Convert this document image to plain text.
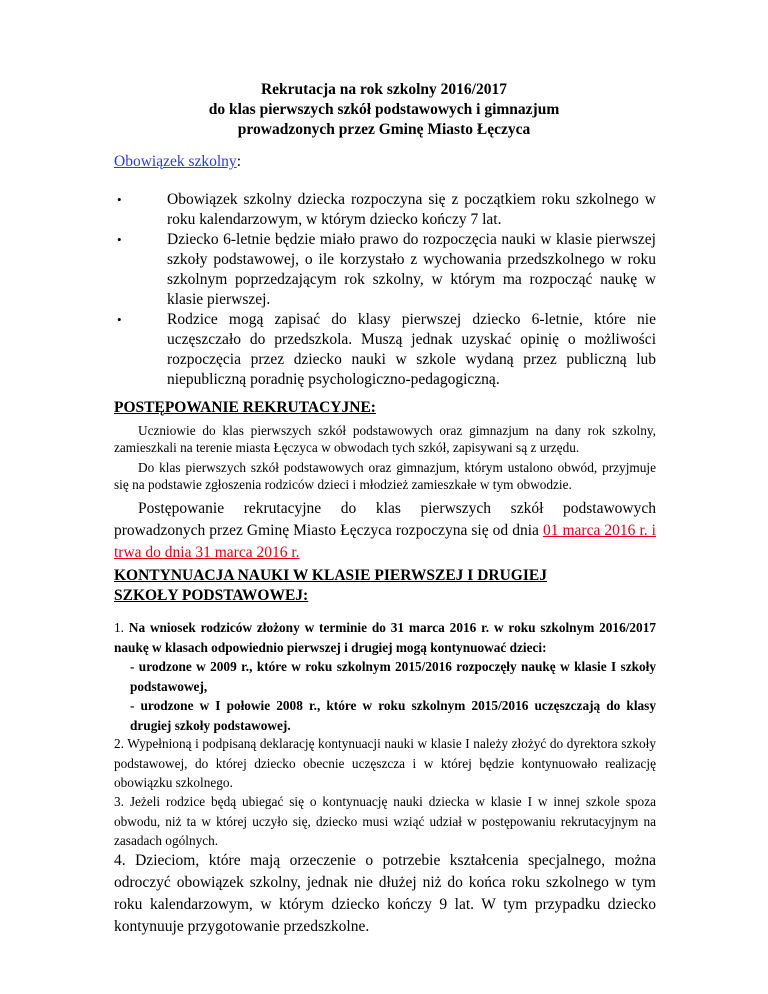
Rekrutacja na rok szkolny 2016/2017
do klas pierwszych szkół podstawowych i gimnazjum
prowadzonych przez Gminę Miasto Łęczyca
Obowiązek szkolny:
•	Obowiązek szkolny dziecka rozpoczyna się z początkiem roku szkolnego w roku kalendarzowym, w którym dziecko kończy 7 lat.
•	Dziecko 6-letnie będzie miało prawo do rozpoczęcia nauki w klasie pierwszej szkoły podstawowej, o ile korzystało z wychowania przedszkolnego w roku szkolnym poprzedzającym rok szkolny, w którym ma rozpocząć naukę w klasie pierwszej.
•	Rodzice mogą zapisać do klasy pierwszej dziecko 6-letnie, które nie uczęszczało do przedszkola. Muszą jednak uzyskać opinię o możliwości rozpoczęcia przez dziecko nauki w szkole wydaną przez publiczną lub niepubliczną poradnię psychologiczno-pedagogiczną.
POSTĘPOWANIE REKRUTACYJNE:
Uczniowie do klas pierwszych szkół podstawowych oraz gimnazjum na dany rok szkolny, zamieszkali na terenie miasta Łęczyca w obwodach tych szkół, zapisywani są z urzędu.
Do klas pierwszych szkół podstawowych oraz gimnazjum, którym ustalono obwód, przyjmuje się na podstawie zgłoszenia rodziców dzieci i młodzież zamieszkałe w tym obwodzie.
Postępowanie rekrutacyjne do klas pierwszych szkół podstawowych prowadzonych przez Gminę Miasto Łęczyca rozpoczyna się od dnia 01 marca 2016 r. i trwa do dnia 31 marca 2016 r.
KONTYNUACJA NAUKI W KLASIE PIERWSZEJ I DRUGIEJ SZKOŁY PODSTAWOWEJ:
1. Na wniosek rodziców złożony w terminie do 31 marca 2016 r. w roku szkolnym 2016/2017 naukę w klasach odpowiednio pierwszej i drugiej mogą kontynuować dzieci:
- urodzone w 2009 r., które w roku szkolnym 2015/2016 rozpoczęły naukę w klasie I szkoły podstawowej,
- urodzone w I połowie 2008 r., które w roku szkolnym 2015/2016 uczęszczają do klasy drugiej szkoły podstawowej.
2. Wypełnioną i podpisaną deklarację kontynuacji nauki w klasie I należy złożyć do dyrektora szkoły podstawowej, do której dziecko obecnie uczęszcza i w której będzie kontynuowało realizację obowiązku szkolnego.
3. Jeżeli rodzice będą ubiegać się o kontynuację nauki dziecka w klasie I w innej szkole spoza obwodu, niż ta w której uczyło się, dziecko musi wziąć udział w postępowaniu rekrutacyjnym na zasadach ogólnych.
4. Dzieciom, które mają orzeczenie o potrzebie kształcenia specjalnego, można odroczyć obowiązek szkolny, jednak nie dłużej niż do końca roku szkolnego w tym roku kalendarzowym, w którym dziecko kończy 9 lat. W tym przypadku dziecko kontynuuje przygotowanie przedszkolne.
